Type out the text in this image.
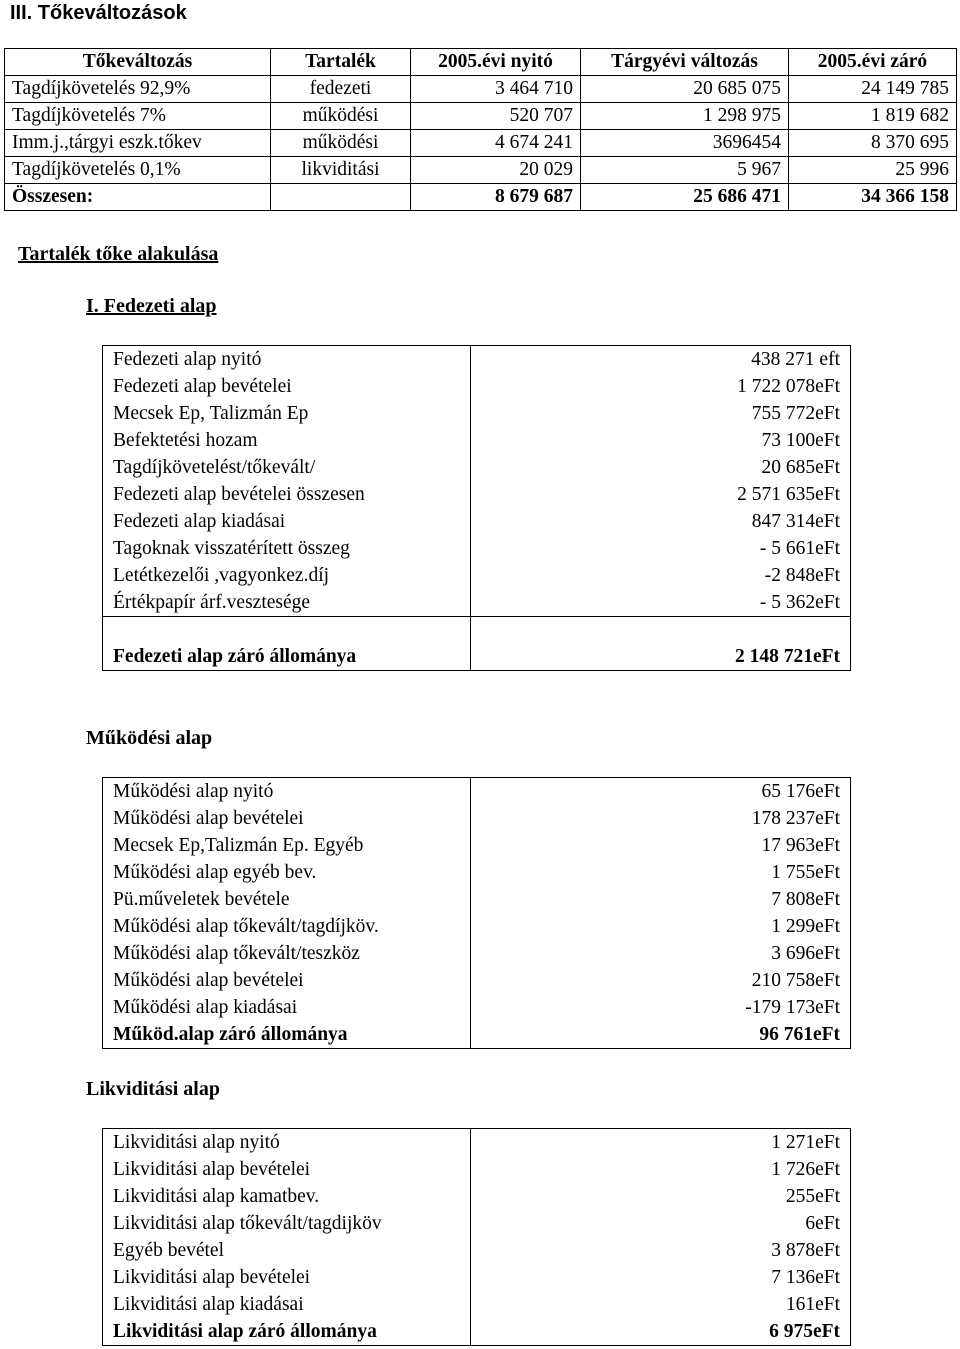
III. Tőkeváltozások
Tőkeváltozás	Tartalék	2005.évi nyitó	Tárgyévi változás	2005.évi záró
Tagdíjkövetelés 92,9%	fedezeti	3 464 710	20 685 075	24 149 785
Tagdíjkövetelés 7%	működési	520 707	1 298 975	1 819 682
Imm.j.,tárgyi eszk.tőkev	működési	4 674 241	3696454	8 370 695
Tagdíjkövetelés 0,1%	likviditási	20 029	5 967	25 996
Összesen:		8 679 687	25 686 471	34 366 158
Tartalék tőke alakulása
I. Fedezeti alap
Fedezeti alap nyitó	438 271 eft
Fedezeti alap bevételei	1 722 078eFt
Mecsek Ep, Talizmán Ep	755 772eFt
Befektetési hozam	73 100eFt
Tagdíjkövetelést/tőkevált/	20 685eFt
Fedezeti alap bevételei összesen	2 571 635eFt
Fedezeti alap kiadásai	847 314eFt
Tagoknak visszatérített összeg	- 5 661eFt
Letétkezelői ,vagyonkez.díj	-2 848eFt
Értékpapír árf.vesztesége	- 5 362eFt

Fedezeti alap záró állománya	2 148 721eFt
Működési alap
Működési alap nyitó	65 176eFt
Működési alap bevételei	178 237eFt
Mecsek Ep,Talizmán Ep. Egyéb	17 963eFt
Működési alap egyéb bev.	1 755eFt
Pü.műveletek bevétele	7 808eFt
Működési alap tőkevált/tagdíjköv.	1 299eFt
Működési alap tőkevált/teszköz	3 696eFt
Működési alap bevételei	210 758eFt
Működési alap kiadásai	-179 173eFt
Működ.alap záró állománya	96 761eFt
Likviditási alap
Likviditási alap nyitó	1 271eFt
Likviditási alap bevételei	1 726eFt
Likviditási alap kamatbev.	255eFt
Likviditási alap tőkevált/tagdijköv	6eFt
Egyéb bevétel	3 878eFt
Likviditási alap bevételei	7 136eFt
Likviditási alap kiadásai	161eFt
Likviditási alap záró állománya	6 975eFt
